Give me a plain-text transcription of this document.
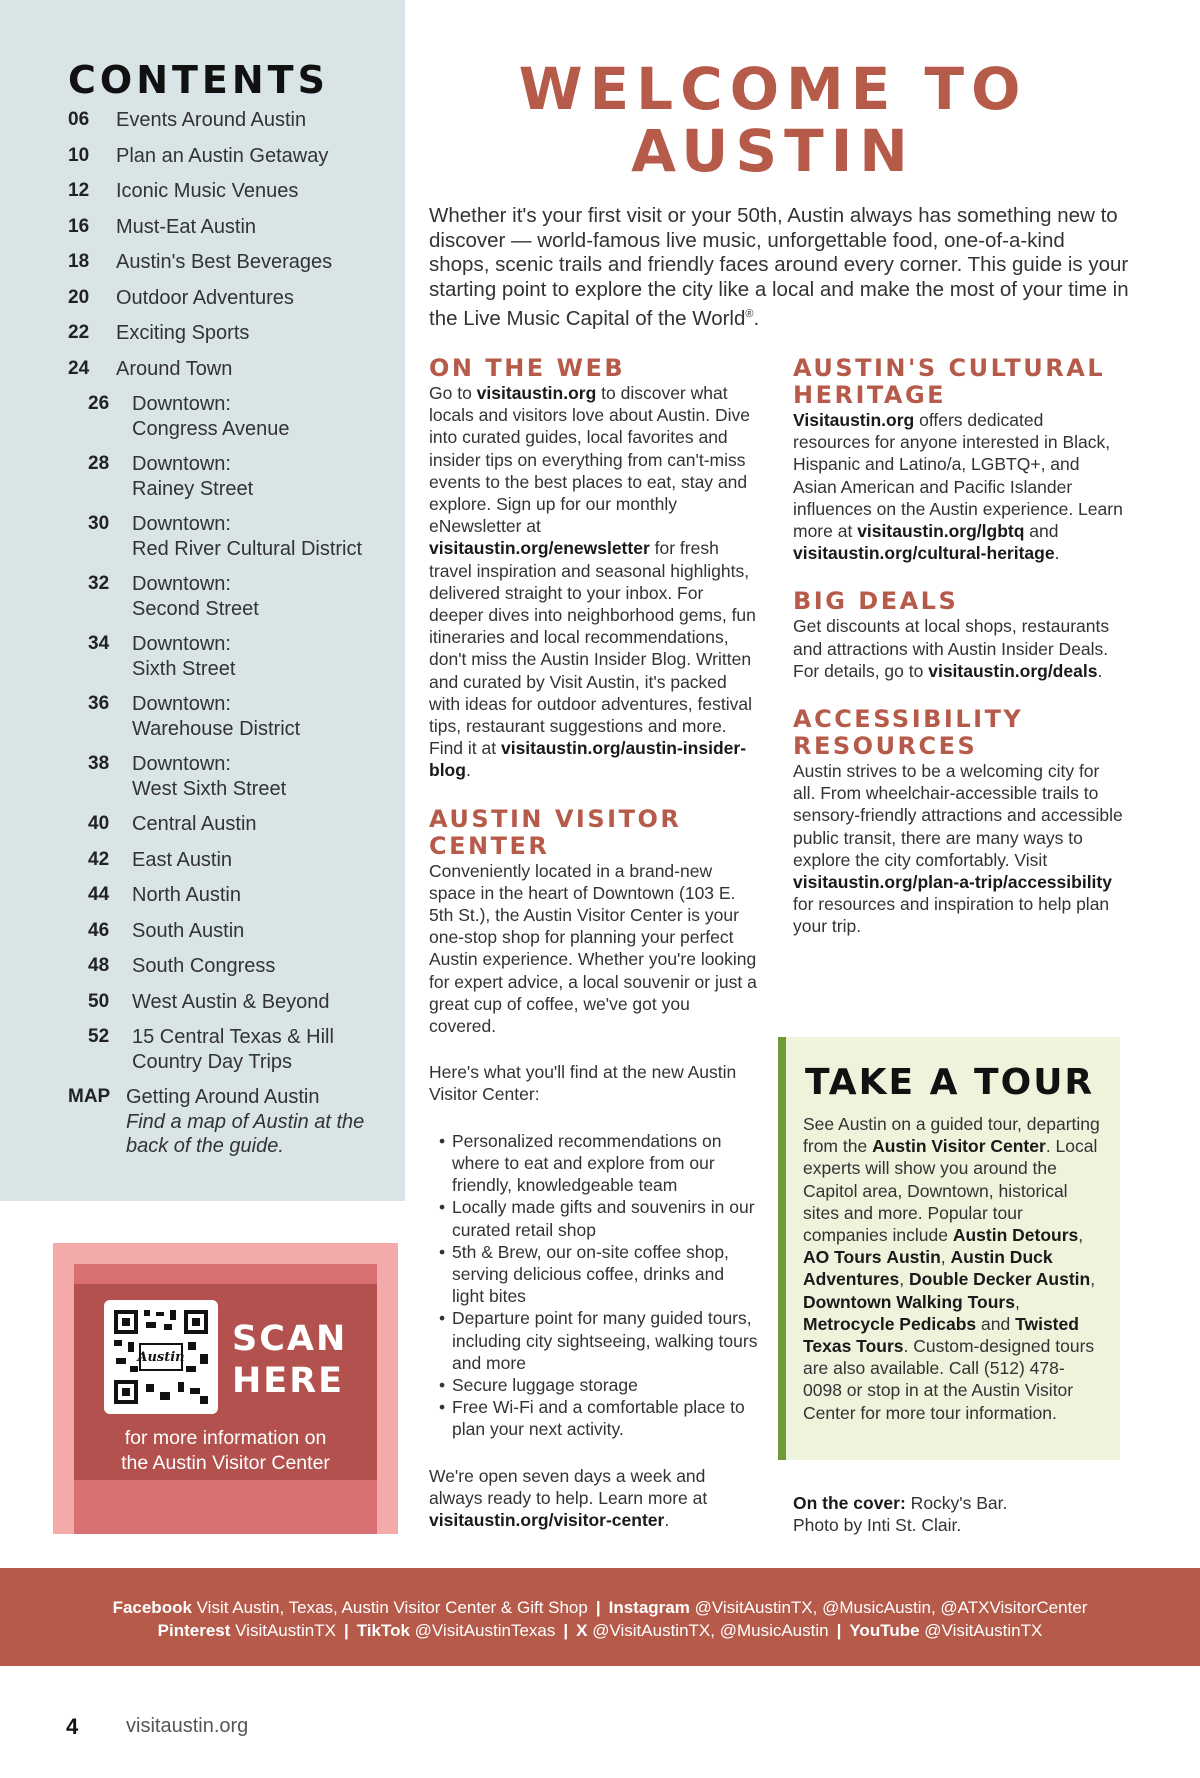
CONTENTS
06	Events Around Austin
10	Plan an Austin Getaway
12	Iconic Music Venues
16	Must-Eat Austin
18	Austin's Best Beverages
20	Outdoor Adventures
22	Exciting Sports
24	Around Town
26	Downtown:
Congress Avenue
28	Downtown:
Rainey Street
30	Downtown:
Red River Cultural District
32	Downtown:
Second Street
34	Downtown:
Sixth Street
36	Downtown:
Warehouse District
38	Downtown:
West Sixth Street
40	Central Austin
42	East Austin
44	North Austin
46	South Austin
48	South Congress
50	West Austin & Beyond
52	15 Central Texas & Hill
Country Day Trips
MAP Getting Around Austin
Find a map of Austin at the
back of the guide.
Austin SCAN
HERE
for more information on
the Austin Visitor Center
WELCOME TO
AUSTIN

Whether it's your first visit or your 50th, Austin always has something new to discover — world-famous live music, unforgettable food, one-of-a-kind shops, scenic trails and friendly faces around every corner. This guide is your starting point to explore the city like a local and make the most of your time in the Live Music Capital of the World®.

ON THE WEB

Go to visitaustin.org to discover what locals and visitors love about Austin. Dive into curated guides, local favorites and insider tips on everything from can't-miss events to the best places to eat, stay and explore. Sign up for our monthly eNewsletter at visitaustin.org/enewsletter for fresh travel inspiration and seasonal highlights, delivered straight to your inbox. For deeper dives into neighborhood gems, fun itineraries and local recommendations, don't miss the Austin Insider Blog. Written and curated by Visit Austin, it's packed with ideas for outdoor adventures, festival tips, restaurant suggestions and more. Find it at visitaustin.org/austin-insider-blog.

AUSTIN VISITOR
CENTER

Conveniently located in a brand-new space in the heart of Downtown (103 E. 5th St.), the Austin Visitor Center is your one-stop shop for planning your perfect Austin experience. Whether you're looking for expert advice, a local souvenir or just a great cup of coffee, we've got you covered.

Here's what you'll find at the new Austin Visitor Center:

• Personalized recommendations on where to eat and explore from our friendly, knowledgeable team
• Locally made gifts and souvenirs in our curated retail shop
• 5th & Brew, our on-site coffee shop, serving delicious coffee, drinks and light bites
• Departure point for many guided tours, including city sightseeing, walking tours and more
• Secure luggage storage
• Free Wi-Fi and a comfortable place to plan your next activity.

We're open seven days a week and always ready to help. Learn more at visitaustin.org/visitor-center.

AUSTIN'S CULTURAL
HERITAGE

Visitaustin.org offers dedicated resources for anyone interested in Black, Hispanic and Latino/a, LGBTQ+, and Asian American and Pacific Islander influences on the Austin experience. Learn more at visitaustin.org/lgbtq and visitaustin.org/cultural-heritage.

BIG DEALS

Get discounts at local shops, restaurants and attractions with Austin Insider Deals. For details, go to visitaustin.org/deals.

ACCESSIBILITY
RESOURCES

Austin strives to be a welcoming city for all. From wheelchair-accessible trails to sensory-friendly attractions and accessible public transit, there are many ways to explore the city comfortably. Visit visitaustin.org/plan-a-trip/accessibility for resources and inspiration to help plan your trip.

TAKE A TOUR

See Austin on a guided tour, departing from the Austin Visitor Center. Local experts will show you around the Capitol area, Downtown, historical sites and more. Popular tour companies include Austin Detours, AO Tours Austin, Austin Duck Adventures, Double Decker Austin, Downtown Walking Tours, Metrocycle Pedicabs and Twisted Texas Tours. Custom-designed tours are also available. Call (512) 478-0098 or stop in at the Austin Visitor Center for more tour information.

On the cover: Rocky's Bar.
Photo by Inti St. Clair.

Facebook Visit Austin, Texas, Austin Visitor Center & Gift Shop | Instagram @VisitAustinTX, @MusicAustin, @ATXVisitorCenter
Pinterest VisitAustinTX | TikTok @VisitAustinTexas | X @VisitAustinTX, @MusicAustin | YouTube @VisitAustinTX
4 visitaustin.org
